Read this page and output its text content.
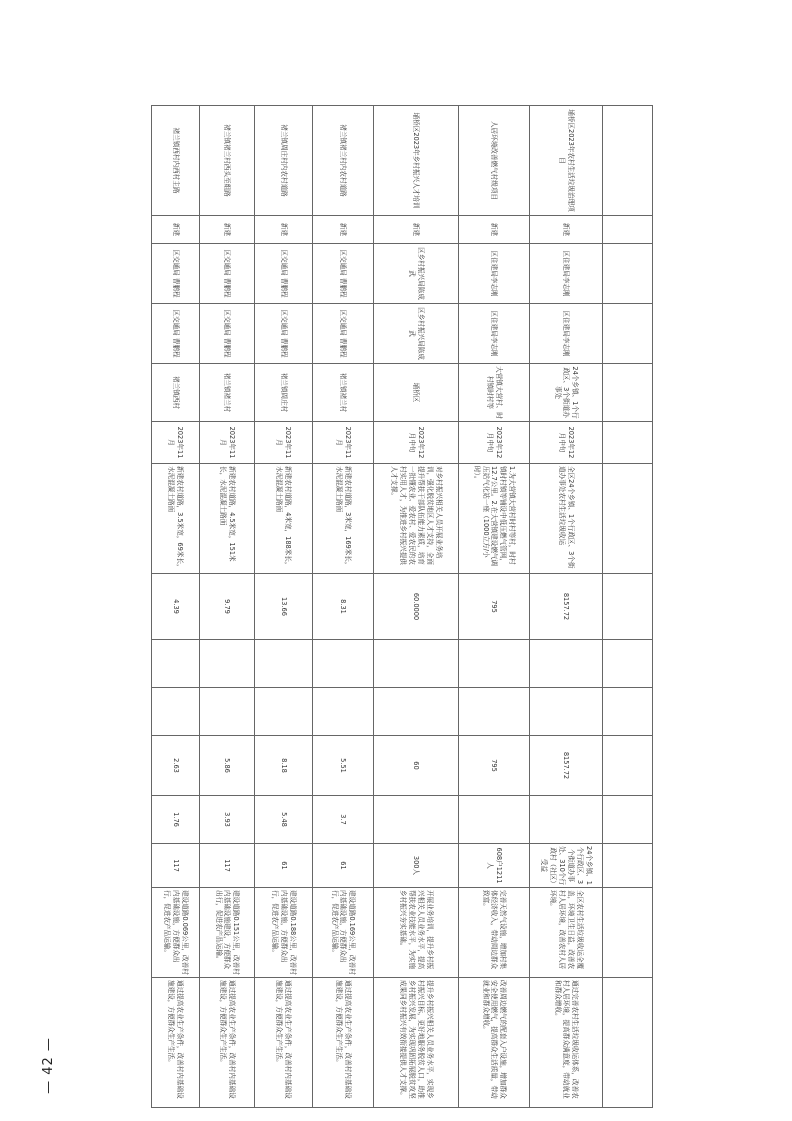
— 42 —

埇桥区2023年农村生活垃圾治理项目	新建	区住建局李志刚	区住建局李志刚	24个乡镇、1个行政区、3个街道办事处	2023年12月中旬	全区24个乡镇、1个行政区、3个街道办事处农村生活垃圾收运	8157.72			8157.72		24个乡镇、1个行政区、3个街道办事处、310个行政村（社区）受益	全区农村生活垃圾收运全覆盖，环境卫生日益，改善农村人居环境，改善农村人居环境。	通过完善农村生活垃圾收运体系，改善农村人居环境，提高群众满意度，带动就业和群众增收。
人居环境改善燃气村级项目	新建	区住建局李志刚	区住建局李志刚	大营镇大营村、时村镇时村等	2023年12月中旬	1.为大营镇大营村时村等村，时村镇时村镇等铺设中低压燃气管网，12.7公里。2.在大营镇建设燃气调压站气化站一座（1000立方/小时）。	795			795		608户1211人	完善天然气设施，增加村集体经济收入，带动周边群众致富。	改善周边燃气的配套入户设施，增加群众安全使用燃气，提高群众生活质量，带动就业和群众增收。
埇桥区2023年乡村振兴人才培训	新建	区乡村振兴局陈成武	区乡村振兴局陈成武	埇桥区	2023年12月中旬	对乡村振兴相关人员开展业务培训，强化脱贫地区人才支持，全面提升帮扶干部队伍能力素质，培育一批懂农业、爱农村、爱农民的农村实用人才，为推进乡村振兴提供人才支撑。	60.0000			60		300人	开展业务培训，提升乡村振兴相关人员业务水平，提高帮扶农业技能水平，为实施乡村振兴夯实基础。	提升乡村振兴相关人员业务水平，实现乡村振兴目标，更好地服务脱贫人口，助推乡村振兴发展，为实现巩固拓展脱贫攻坚成果同乡村振兴有效衔接提供人才支撑。
褚兰镇褚兰村内农村道路	新建	区交通局 曹鹏程	区交通局 曹鹏程	褚兰镇褚兰村	2023年11月	新建农村道路，3米宽，169米长，水泥混凝土路面	8.31			5.51	3.7	61	建设道路0.169公里，改善村内基础设施，方便群众出行，促进农产品运输。	通过提高农业生产条件，改善村内基础设施建设，方便群众生产生活。
褚兰镇周庄村内农村道路	新建	区交通局 曹鹏程	区交通局 曹鹏程	褚兰镇周庄村	2023年11月	新建农村道路，4米宽，188米长，水泥混凝土路面	13.66			8.18	5.48	61	建设道路0.188公里，改善村内基础设施，方便群众出行，促进农产品运输。	通过提高农业生产条件，改善村内基础设施建设，方便群众生产生活。
褚兰镇褚兰村西头至组路	新建	区交通局 曹鹏程	区交通局 曹鹏程	褚兰镇褚兰村	2023年11月	新建农村道路，4.5米宽，151米长，水泥混凝土路面	9.79			5.86	3.93	117	建设道路0.151公里，改善村内基础设施建设，方便群众出行，促进农产品运输。	通过提高农业生产条件，改善村内基础设施建设，方便群众生产生活。
褚兰镇西村内西村主路	新建	区交通局 曹鹏程	区交通局 曹鹏程	褚兰镇西村	2023年11月	新建农村道路，3.5米宽，69米长，水泥混凝土路面	4.39			2.63	1.76	117	建设道路0.069公里，改善村内基础设施，方便群众出行，促进农产品运输。	通过提高农业生产条件，改善村内基础设施建设，方便群众生产生活。
